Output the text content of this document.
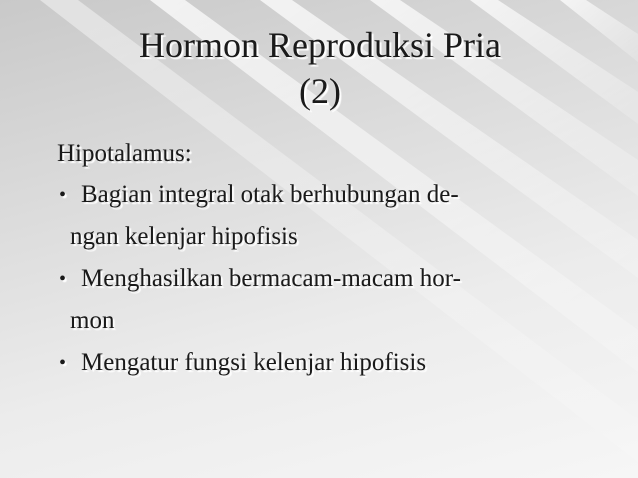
Hormon Reproduksi Pria
(2)
Hipotalamus:
• Bagian integral otak berhubungan de-
ngan kelenjar hipofisis
• Menghasilkan bermacam-macam hor-
mon
• Mengatur fungsi kelenjar hipofisis
